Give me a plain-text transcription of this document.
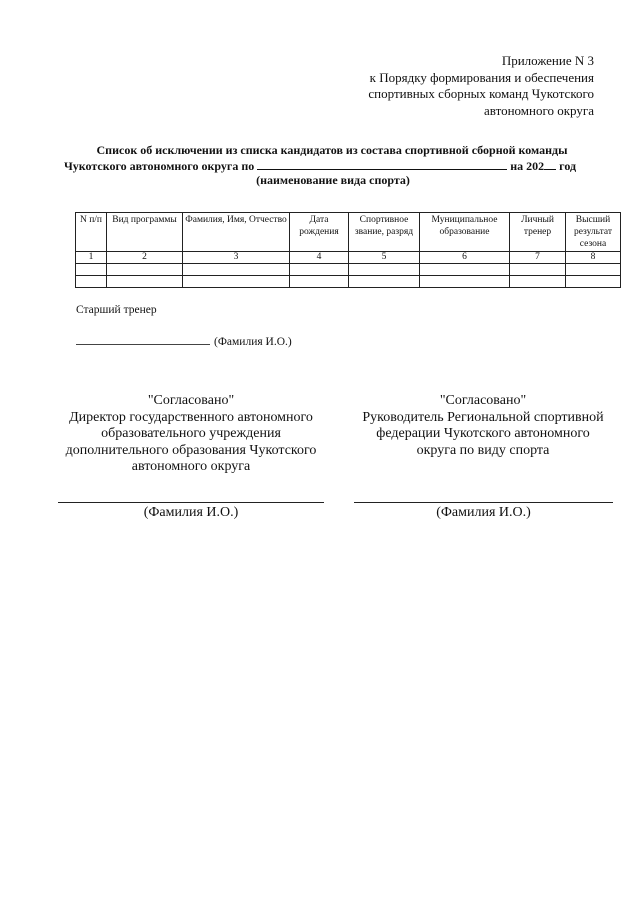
Приложение N 3
к Порядку формирования и обеспечения
спортивных сборных команд Чукотского
автономного округа
Список об исключении из списка кандидатов из состава спортивной сборной команды
Чукотского автономного округа по	на 202 год
(наименование вида спорта)
N п/п	Вид программы	Фамилия, Имя, Отчество	Дата рождения	Спортивное звание, разряд	Муниципальное образование	Личный тренер	Высший результат сезона
1	2	3	4	5	6	7	8

Старший тренер
(Фамилия И.О.)
"Согласовано"
Директор государственного автономного
образовательного учреждения
дополнительного образования Чукотского
автономного округа
"Согласовано"
Руководитель Региональной спортивной
федерации Чукотского автономного
округа по виду спорта
(Фамилия И.О.)	(Фамилия И.О.)
